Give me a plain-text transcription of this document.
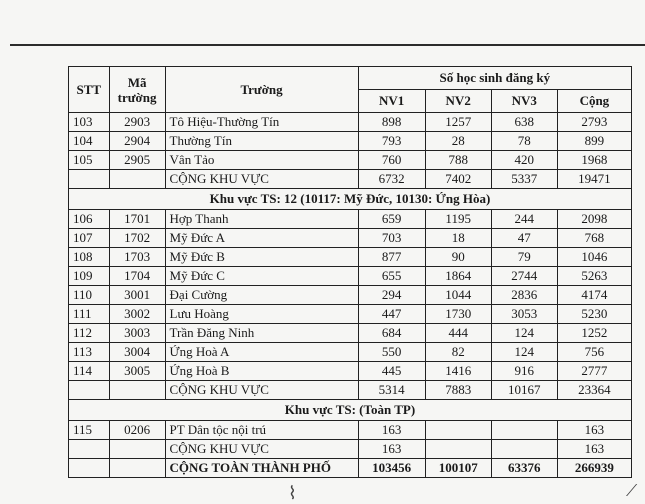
STT	Mã trường	Trường	Số học sinh đăng ký			
			NV1	NV2	NV3	Cộng
103	2903	Tô Hiệu-Thường Tín	898	1257	638	2793
104	2904	Thường Tín	793	28	78	899
105	2905	Vân Tảo	760	788	420	1968
		CỘNG KHU VỰC	6732	7402	5337	19471
Khu vực TS: 12 (10117: Mỹ Đức, 10130: Ứng Hòa)						
106	1701	Hợp Thanh	659	1195	244	2098
107	1702	Mỹ Đức A	703	18	47	768
108	1703	Mỹ Đức B	877	90	79	1046
109	1704	Mỹ Đức C	655	1864	2744	5263
110	3001	Đại Cường	294	1044	2836	4174
111	3002	Lưu Hoàng	447	1730	3053	5230
112	3003	Trần Đăng Ninh	684	444	124	1252
113	3004	Ứng Hoà A	550	82	124	756
114	3005	Ứng Hoà B	445	1416	916	2777
		CỘNG KHU VỰC	5314	7883	10167	23364
Khu vực TS: (Toàn TP)						
115	0206	PT Dân tộc nội trú	163			163
		CỘNG KHU VỰC	163			163
		CỘNG TOÀN THÀNH PHỐ	103456	100107	63376	266939
⌇	⟋
